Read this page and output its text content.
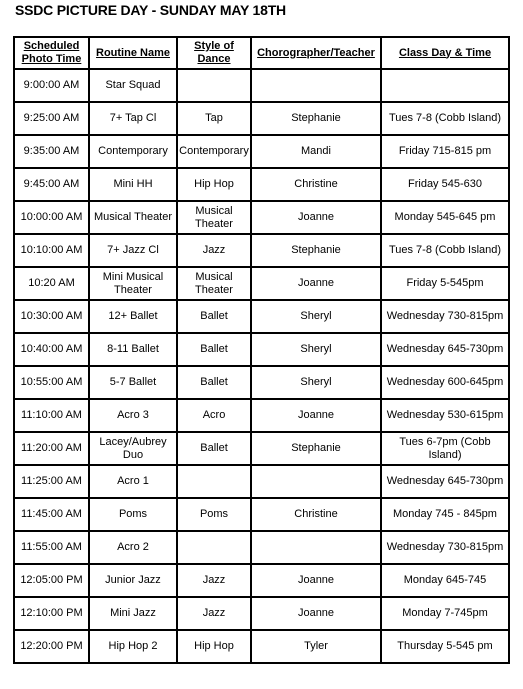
SSDC PICTURE DAY - SUNDAY MAY 18TH
Scheduled Photo Time	Routine Name	Style of Dance	Chorographer/Teacher	Class Day & Time
9:00:00 AM	Star Squad			
9:25:00 AM	7+ Tap Cl	Tap	Stephanie	Tues 7-8 (Cobb Island)
9:35:00 AM	Contemporary	Contemporary	Mandi	Friday 715-815 pm
9:45:00 AM	Mini HH	Hip Hop	Christine	Friday 545-630
10:00:00 AM	Musical Theater	Musical Theater	Joanne	Monday 545-645 pm
10:10:00 AM	7+ Jazz Cl	Jazz	Stephanie	Tues 7-8 (Cobb Island)
10:20 AM	Mini Musical Theater	Musical Theater	Joanne	Friday 5-545pm
10:30:00 AM	12+ Ballet	Ballet	Sheryl	Wednesday 730-815pm
10:40:00 AM	8-11 Ballet	Ballet	Sheryl	Wednesday 645-730pm
10:55:00 AM	5-7 Ballet	Ballet	Sheryl	Wednesday 600-645pm
11:10:00 AM	Acro 3	Acro	Joanne	Wednesday 530-615pm
11:20:00 AM	Lacey/Aubrey Duo	Ballet	Stephanie	Tues 6-7pm (Cobb Island)
11:25:00 AM	Acro 1			Wednesday 645-730pm
11:45:00 AM	Poms	Poms	Christine	Monday 745 - 845pm
11:55:00 AM	Acro 2			Wednesday 730-815pm
12:05:00 PM	Junior Jazz	Jazz	Joanne	Monday 645-745
12:10:00 PM	Mini Jazz	Jazz	Joanne	Monday 7-745pm
12:20:00 PM	Hip Hop 2	Hip Hop	Tyler	Thursday 5-545 pm
